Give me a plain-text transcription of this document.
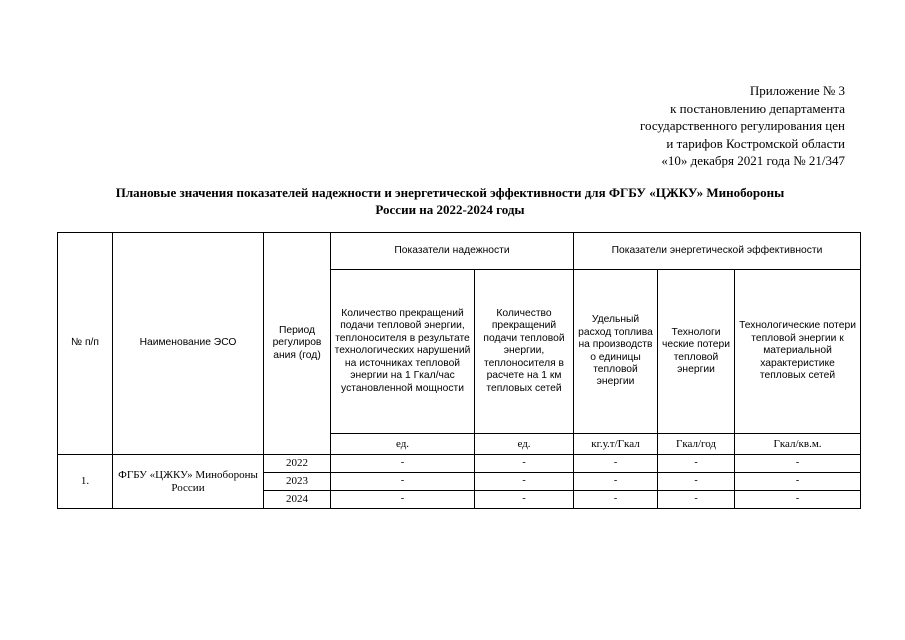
Приложение № 3
к постановлению департамента
государственного регулирования цен
и тарифов Костромской области
«10» декабря 2021 года № 21/347
Плановые значения показателей надежности и энергетической эффективности для ФГБУ «ЦЖКУ» Минобороны
России на 2022-2024 годы
№ п/п	Наименование ЭСО	Период регулиров ания (год)	Показатели надежности		Показатели энергетической эффективности		
			Количество прекращений подачи тепловой энергии, теплоносителя в результате технологических нарушений на источниках тепловой энергии на 1 Гкал/час установленной мощности	Количество прекращений подачи тепловой энергии, теплоносителя в расчете на 1 км тепловых сетей	Удельный расход топлива на производств о единицы тепловой энергии	Технологи ческие потери тепловой энергии	Технологические потери тепловой энергии к материальной характеристике тепловых сетей
			ед.	ед.	кг.у.т/Гкал	Гкал/год	Гкал/кв.м.
1.	ФГБУ «ЦЖКУ» Минобороны России	2022	-	-	-	-	-
		2023	-	-	-	-	-
		2024	-	-	-	-	-
